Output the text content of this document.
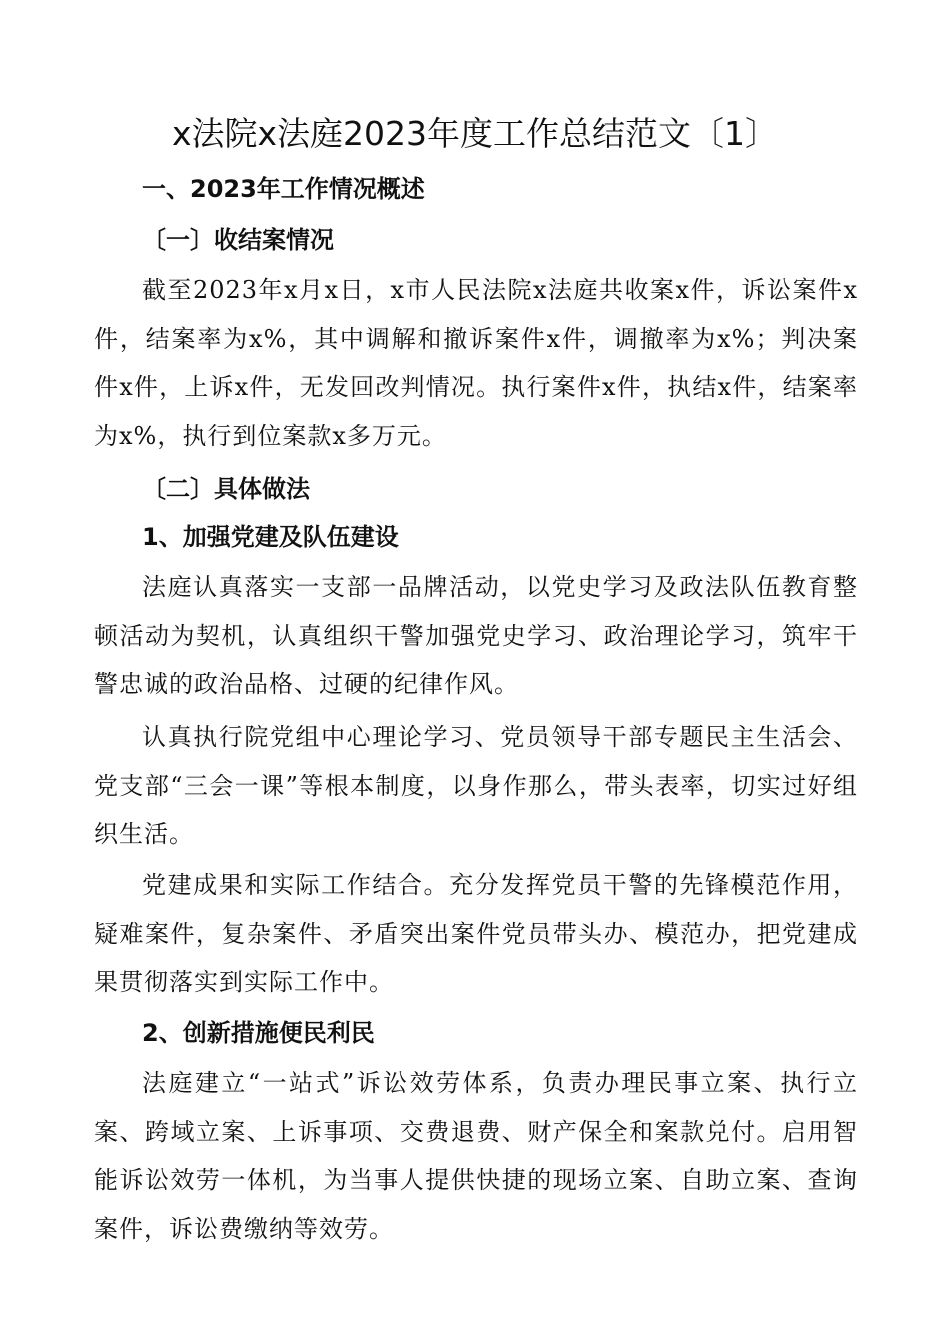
x法院x法庭2023年度工作总结范文〔1〕
一、2023年工作情况概述
〔一〕收结案情况

截至2023年x月x日，x市人民法院x法庭共收案x件，诉讼案件x件，结案率为x%，其中调解和撤诉案件x件，调撤率为x%；判决案件x件，上诉x件，无发回改判情况。执行案件x件，执结x件，结案率为x%，执行到位案款x多万元。

〔二〕具体做法
1、加强党建及队伍建设

法庭认真落实一支部一品牌活动，以党史学习及政法队伍教育整顿活动为契机，认真组织干警加强党史学习、政治理论学习，筑牢干警忠诚的政治品格、过硬的纪律作风。

认真执行院党组中心理论学习、党员领导干部专题民主生活会、党支部“三会一课”等根本制度，以身作那么，带头表率，切实过好组织生活。

党建成果和实际工作结合。充分发挥党员干警的先锋模范作用，疑难案件，复杂案件、矛盾突出案件党员带头办、模范办，把党建成果贯彻落实到实际工作中。

2、创新措施便民利民

法庭建立“一站式”诉讼效劳体系，负责办理民事立案、执行立案、跨域立案、上诉事项、交费退费、财产保全和案款兑付。启用智能诉讼效劳一体机，为当事人提供快捷的现场立案、自助立案、查询案件，诉讼费缴纳等效劳。
